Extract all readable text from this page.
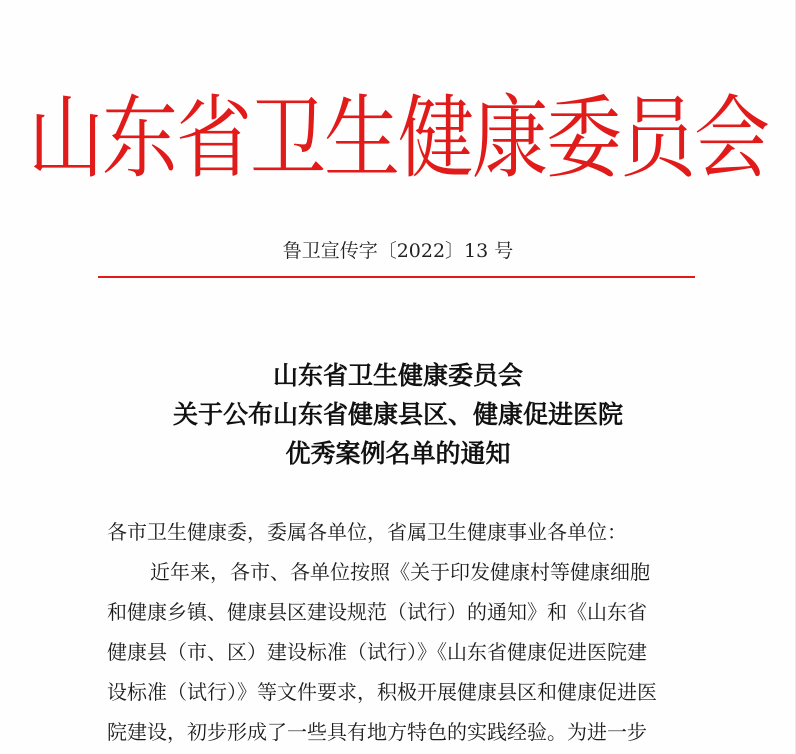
山东省卫生健康委员会
鲁卫宣传字〔2022〕13 号
山东省卫生健康委员会
关于公布山东省健康县区、健康促进医院
优秀案例名单的通知
各市卫生健康委，委属各单位，省属卫生健康事业各单位：
近年来，各市、各单位按照《关于印发健康村等健康细胞
和健康乡镇、健康县区建设规范（试行）的通知》和《山东省
健康县（市、区）建设标准（试行）》《山东省健康促进医院建
设标准（试行）》等文件要求，积极开展健康县区和健康促进医
院建设，初步形成了一些具有地方特色的实践经验。为进一步
